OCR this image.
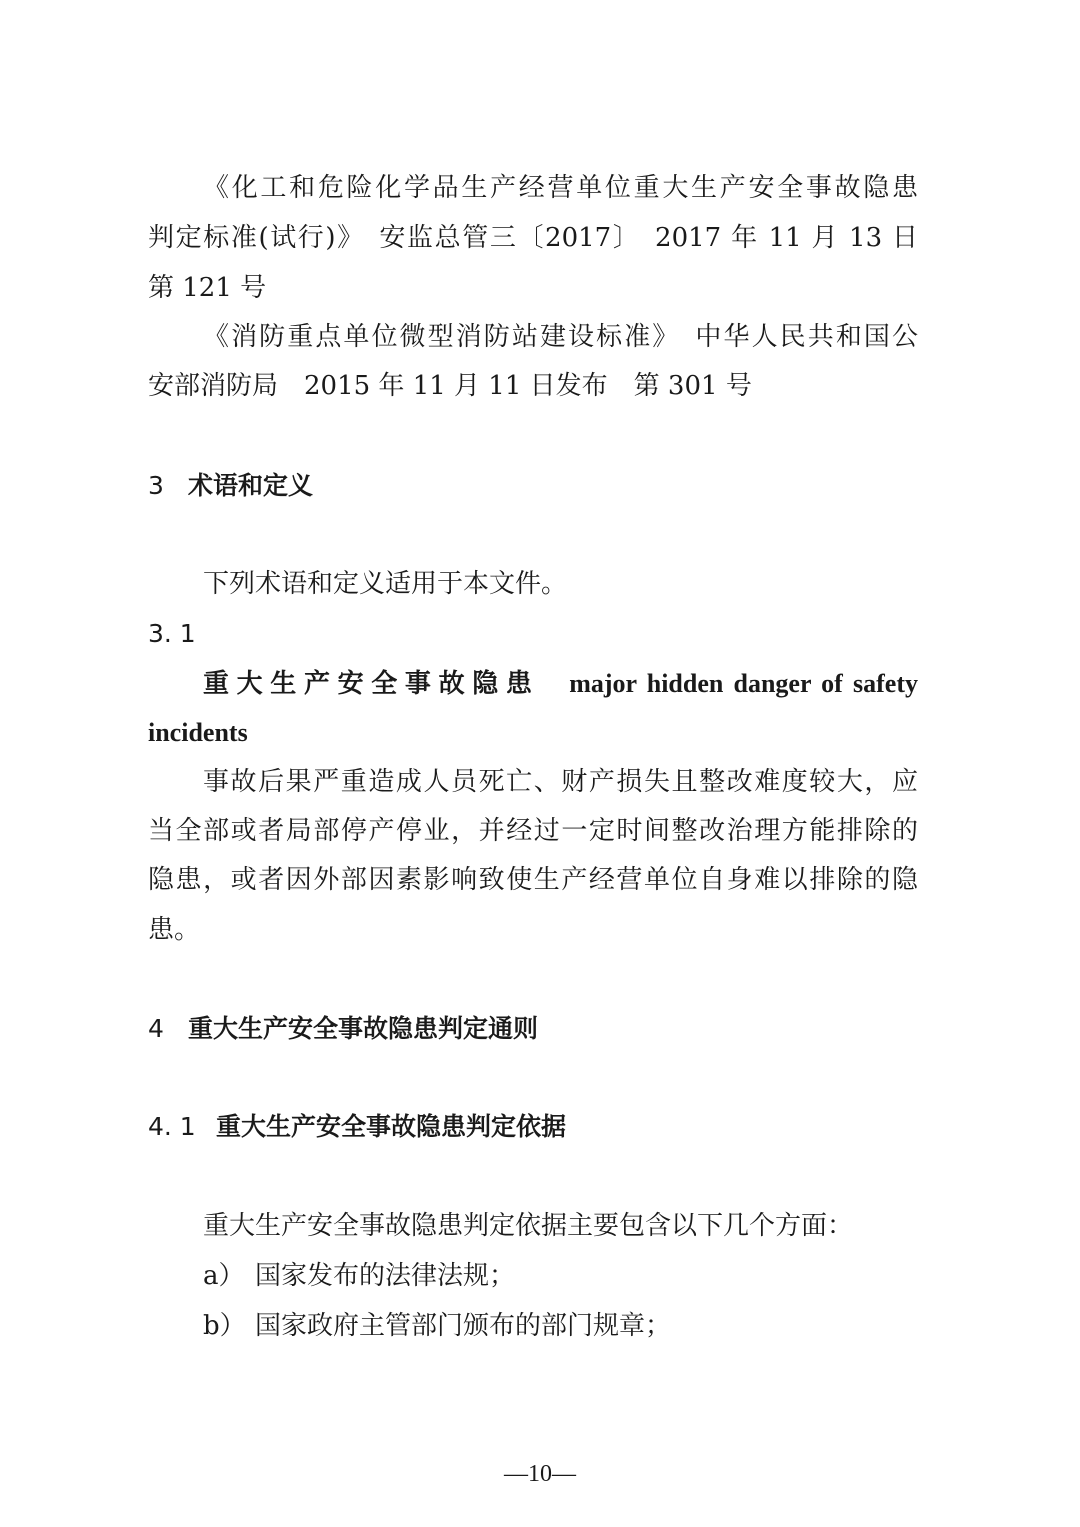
《化工和危险化学品生产经营单位重大生产安全事故隐患
判定标准(试行)》　安监总管三〔2017〕　2017 年 11 月 13 日
第 121 号
《消防重点单位微型消防站建设标准》　中华人民共和国公
安部消防局　2015 年 11 月 11 日发布　第 301 号
3 术语和定义
下列术语和定义适用于本文件。
3. 1
重大生产安全事故隐患　 major hidden danger of safety
incidents
事故后果严重造成人员死亡、财产损失且整改难度较大，应
当全部或者局部停产停业，并经过一定时间整改治理方能排除的
隐患，或者因外部因素影响致使生产经营单位自身难以排除的隐
患。
4 重大生产安全事故隐患判定通则
4. 1 重大生产安全事故隐患判定依据
重大生产安全事故隐患判定依据主要包含以下几个方面：
a） 国家发布的法律法规；
b） 国家政府主管部门颁布的部门规章；
—10—
